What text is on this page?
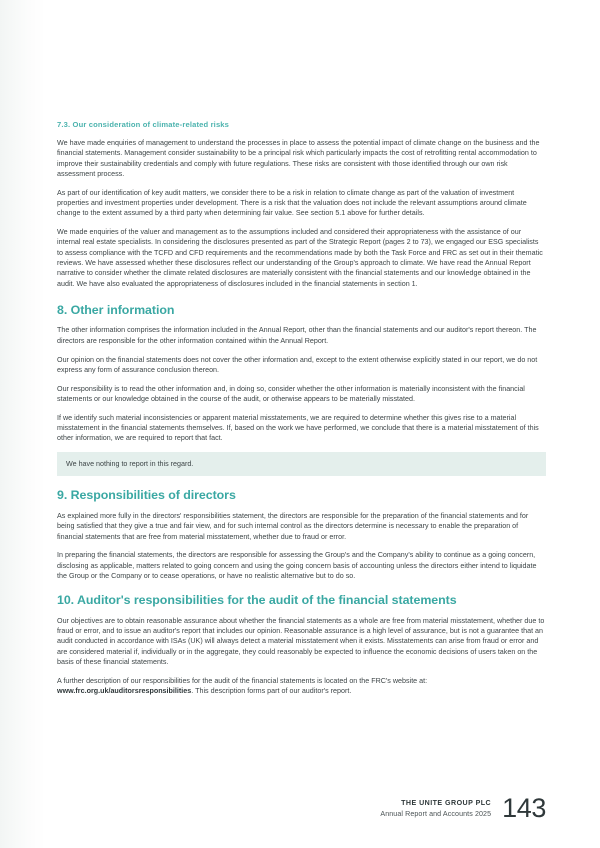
7.3. Our consideration of climate-related risks

We have made enquiries of management to understand the processes in place to assess the potential impact of climate change on the business and the financial statements. Management consider sustainability to be a principal risk which particularly impacts the cost of retrofitting rental accommodation to improve their sustainability credentials and comply with future regulations. These risks are consistent with those identified through our own risk assessment process.

As part of our identification of key audit matters, we consider there to be a risk in relation to climate change as part of the valuation of investment properties and investment properties under development. There is a risk that the valuation does not include the relevant assumptions around climate change to the extent assumed by a third party when determining fair value. See section 5.1 above for further details.

We made enquiries of the valuer and management as to the assumptions included and considered their appropriateness with the assistance of our internal real estate specialists. In considering the disclosures presented as part of the Strategic Report (pages 2 to 73), we engaged our ESG specialists to assess compliance with the TCFD and CFD requirements and the recommendations made by both the Task Force and FRC as set out in their thematic reviews. We have assessed whether these disclosures reflect our understanding of the Group's approach to climate. We have read the Annual Report narrative to consider whether the climate related disclosures are materially consistent with the financial statements and our knowledge obtained in the audit. We have also evaluated the appropriateness of disclosures included in the financial statements in section 1.

8. Other information

The other information comprises the information included in the Annual Report, other than the financial statements and our auditor's report thereon. The directors are responsible for the other information contained within the Annual Report.

Our opinion on the financial statements does not cover the other information and, except to the extent otherwise explicitly stated in our report, we do not express any form of assurance conclusion thereon.

Our responsibility is to read the other information and, in doing so, consider whether the other information is materially inconsistent with the financial statements or our knowledge obtained in the course of the audit, or otherwise appears to be materially misstated.

If we identify such material inconsistencies or apparent material misstatements, we are required to determine whether this gives rise to a material misstatement in the financial statements themselves. If, based on the work we have performed, we conclude that there is a material misstatement of this other information, we are required to report that fact.

We have nothing to report in this regard.

9. Responsibilities of directors

As explained more fully in the directors' responsibilities statement, the directors are responsible for the preparation of the financial statements and for being satisfied that they give a true and fair view, and for such internal control as the directors determine is necessary to enable the preparation of financial statements that are free from material misstatement, whether due to fraud or error.

In preparing the financial statements, the directors are responsible for assessing the Group's and the Company's ability to continue as a going concern, disclosing as applicable, matters related to going concern and using the going concern basis of accounting unless the directors either intend to liquidate the Group or the Company or to cease operations, or have no realistic alternative but to do so.

10. Auditor's responsibilities for the audit of the financial statements

Our objectives are to obtain reasonable assurance about whether the financial statements as a whole are free from material misstatement, whether due to fraud or error, and to issue an auditor's report that includes our opinion. Reasonable assurance is a high level of assurance, but is not a guarantee that an audit conducted in accordance with ISAs (UK) will always detect a material misstatement when it exists. Misstatements can arise from fraud or error and are considered material if, individually or in the aggregate, they could reasonably be expected to influence the economic decisions of users taken on the basis of these financial statements.

A further description of our responsibilities for the audit of the financial statements is located on the FRC's website at: www.frc.org.uk/auditorsresponsibilities. This description forms part of our auditor's report.

THE UNITE GROUP PLC
Annual Report and Accounts 2025 143
